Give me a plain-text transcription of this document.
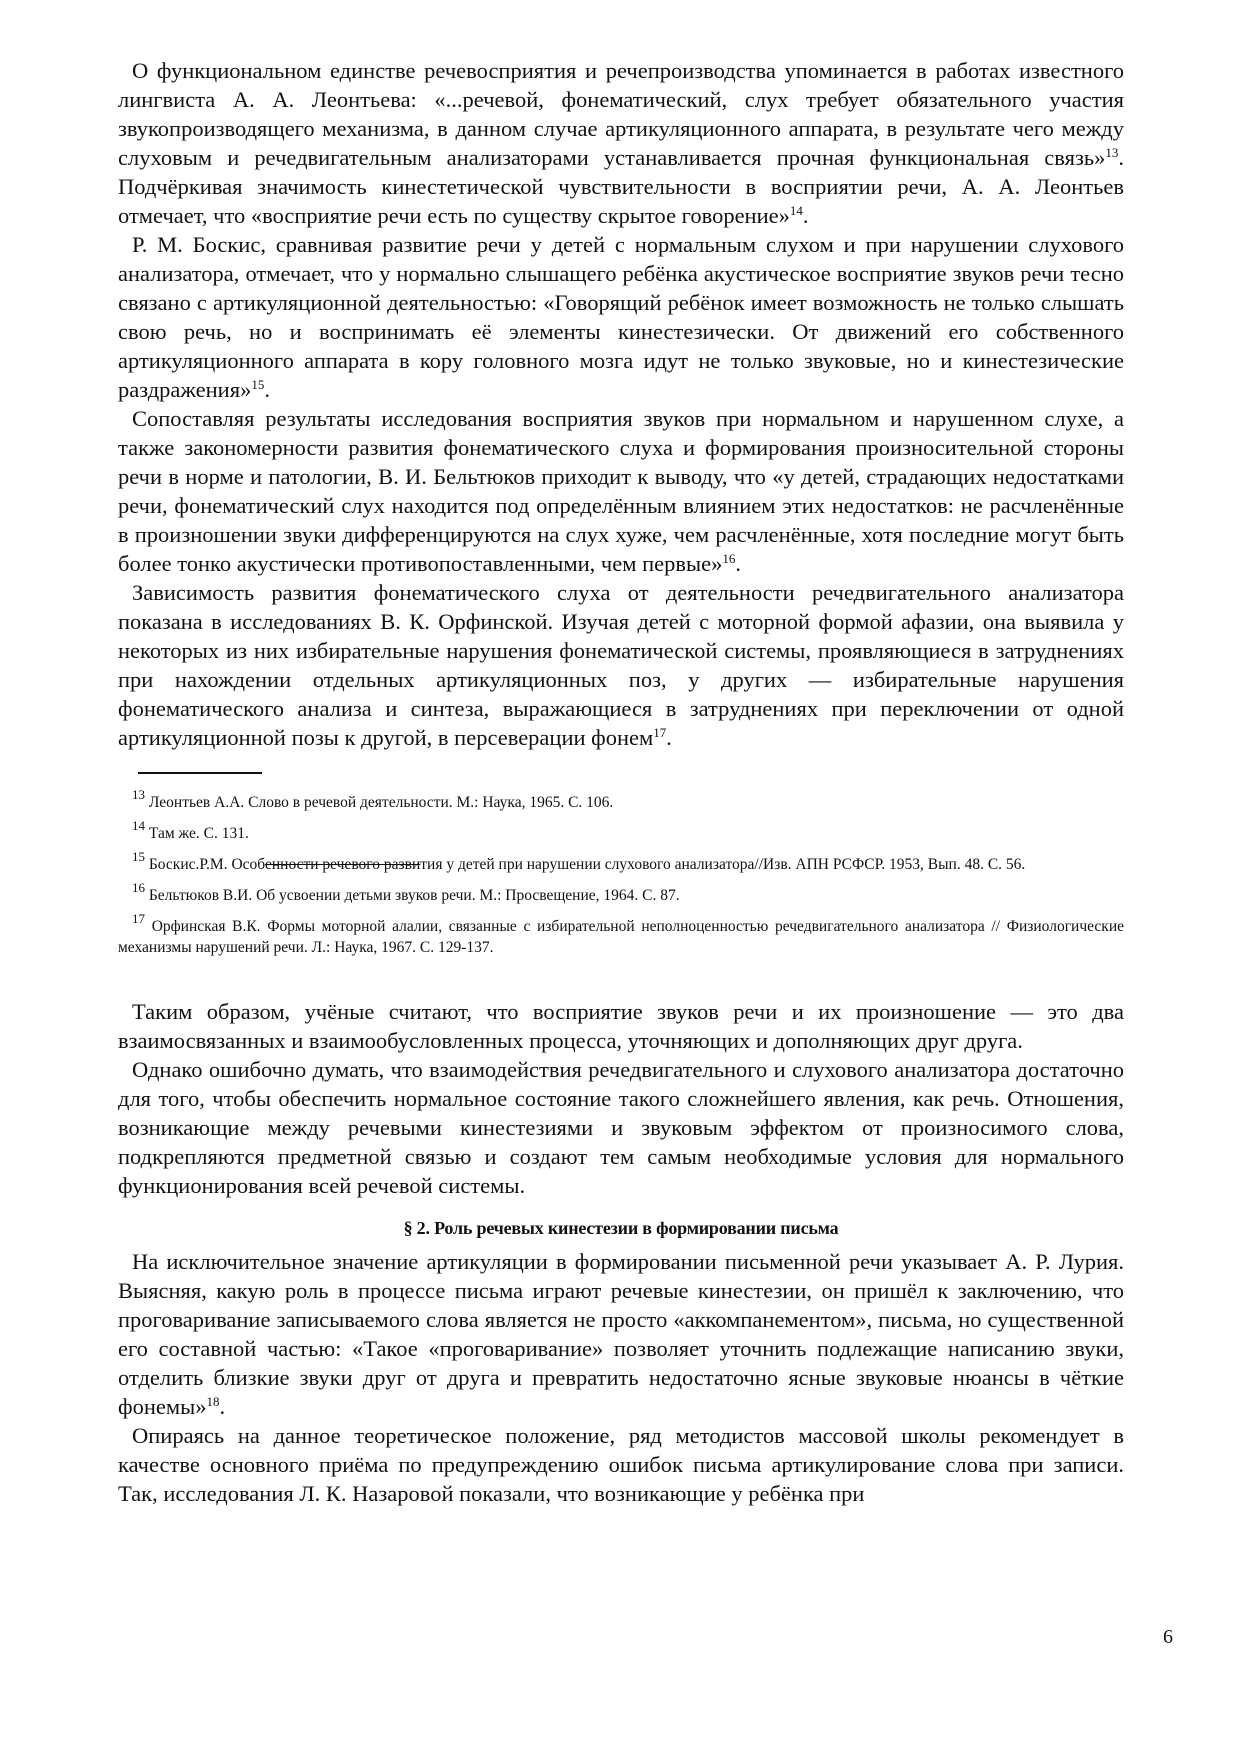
О функциональном единстве речевосприятия и речепроизводства упоминается в работах известного лингвиста А. А. Леонтьева: «...речевой, фонематический, слух требует обязательного участия звукопроизводящего механизма, в данном случае артикуляционного аппарата, в результате чего между слуховым и речедвигательным анализаторами устанавливается прочная функциональная связь»$^{13}$. Подчёркивая значимость кинестетической чувствительности в восприятии речи, А. А. Леонтьев отмечает, что «восприятие речи есть по существу скрытое говорение»$^{14}$.

Р. М. Боскис, сравнивая развитие речи у детей с нормальным слухом и при нарушении слухового анализатора, отмечает, что у нормально слышащего ребёнка акустическое восприятие звуков речи тесно связано с артикуляционной деятельностью: «Говорящий ребёнок имеет возможность не только слышать свою речь, но и воспринимать её элементы кинестезически. От движений его собственного артикуляционного аппарата в кору головного мозга идут не только звуковые, но и кинестезические раздражения»$^{15}$.

Сопоставляя результаты исследования восприятия звуков при нормальном и нарушенном слухе, а также закономерности развития фонематического слуха и формирования произносительной стороны речи в норме и патологии, В. И. Бельтюков приходит к выводу, что «у детей, страдающих недостатками речи, фонематический слух находится под определённым влиянием этих недостатков: не расчленённые в произношении звуки дифференцируются на слух хуже, чем расчленённые, хотя последние могут быть более тонко акустически противопоставленными, чем первые»$^{16}$.

Зависимость развития фонематического слуха от деятельности речедвигательного анализатора показана в исследованиях В. К. Орфинской. Изучая детей с моторной формой афазии, она выявила у некоторых из них избирательные нарушения фонематической системы, проявляющиеся в затруднениях при нахождении отдельных артикуляционных поз, у других — избирательные нарушения фонематического анализа и синтеза, выражающиеся в затруднениях при переключении от одной артикуляционной позы к другой, в персеверации фонем$^{17}$.

$^{13}$ Леонтьев А.А. Слово в речевой деятельности. М.: Наука, 1965. С. 106.

$^{14}$ Там же. С. 131.

$^{15}$ Боскис.Р.М. Особенности речевого развития у детей при нарушении слухового анализатора//Изв. АПН РСФСР. 1953, Вып. 48. С. 56.

$^{16}$ Бельтюков В.И. Об усвоении детьми звуков речи. М.: Просвещение, 1964. С. 87.

$^{17}$ Орфинская В.К. Формы моторной алалии, связанные с избирательной неполноценностью речедвигательного анализатора // Физиологические механизмы нарушений речи. Л.: Наука, 1967. С. 129-137.

Таким образом, учёные считают, что восприятие звуков речи и их произношение — это два взаимосвязанных и взаимообусловленных процесса, уточняющих и дополняющих друг друга.

Однако ошибочно думать, что взаимодействия речедвигательного и слухового анализатора достаточно для того, чтобы обеспечить нормальное состояние такого сложнейшего явления, как речь. Отношения, возникающие между речевыми кинестезиями и звуковым эффектом от произносимого слова, подкрепляются предметной связью и создают тем самым необходимые условия для нормального функционирования всей речевой системы.

§ 2. Роль речевых кинестезии в формировании письма

На исключительное значение артикуляции в формировании письменной речи указывает А. Р. Лурия. Выясняя, какую роль в процессе письма играют речевые кинестезии, он пришёл к заключению, что проговаривание записываемого слова является не просто «аккомпанементом», письма, но существенной его составной частью: «Такое «проговаривание» позволяет уточнить подлежащие написанию звуки, отделить близкие звуки друг от друга и превратить недостаточно ясные звуковые нюансы в чёткие фонемы»$^{18}$.

Опираясь на данное теоретическое положение, ряд методистов массовой школы рекомендует в качестве основного приёма по предупреждению ошибок письма артикулирование слова при записи. Так, исследования Л. К. Назаровой показали, что возникающие у ребёнка при

6
